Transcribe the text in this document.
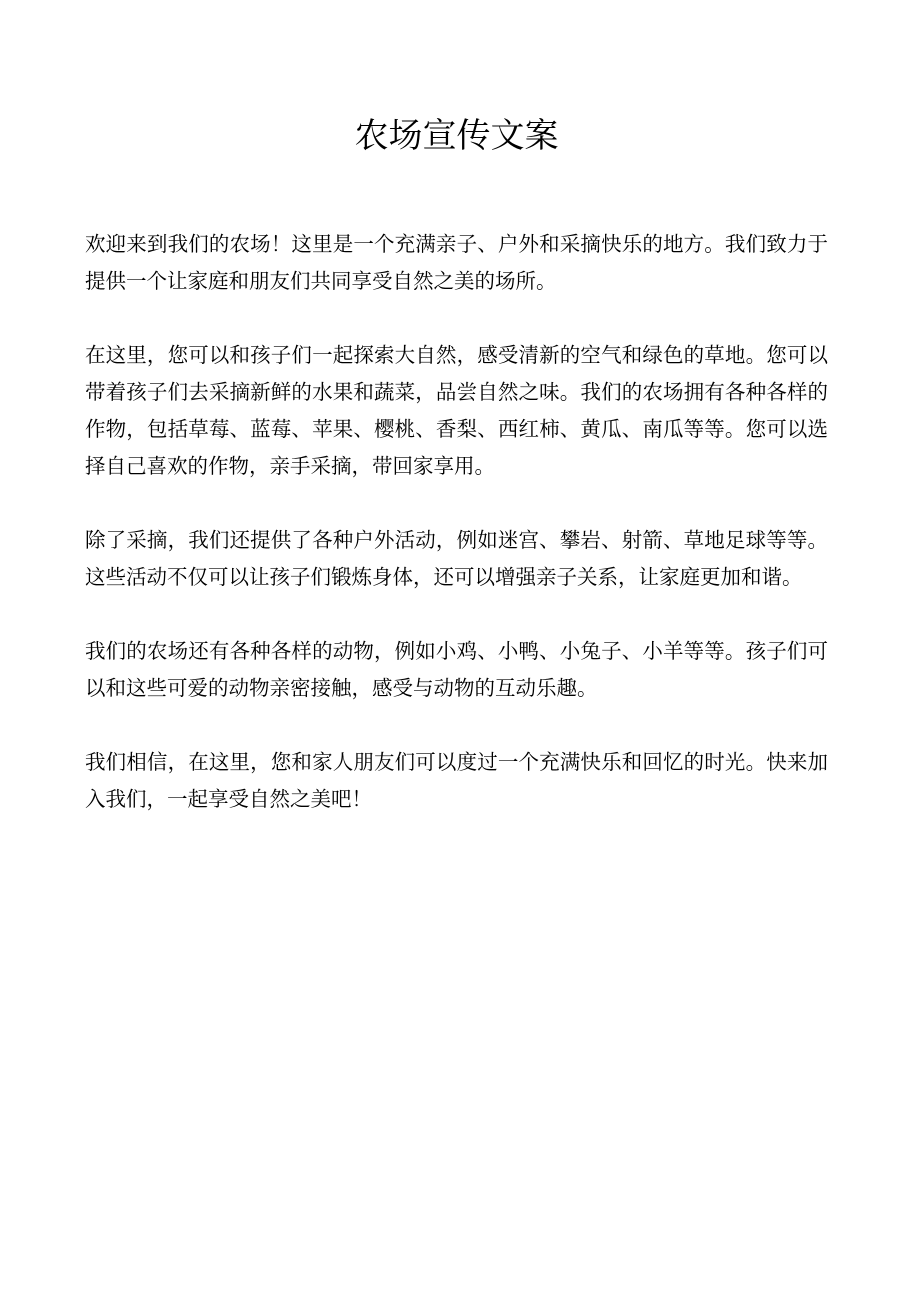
农场宣传文案

欢迎来到我们的农场！这里是一个充满亲子、户外和采摘快乐的地方。我们致力于提供一个让家庭和朋友们共同享受自然之美的场所。

在这里，您可以和孩子们一起探索大自然，感受清新的空气和绿色的草地。您可以带着孩子们去采摘新鲜的水果和蔬菜，品尝自然之味。我们的农场拥有各种各样的作物，包括草莓、蓝莓、苹果、樱桃、香梨、西红柿、黄瓜、南瓜等等。您可以选择自己喜欢的作物，亲手采摘，带回家享用。

除了采摘，我们还提供了各种户外活动，例如迷宫、攀岩、射箭、草地足球等等。这些活动不仅可以让孩子们锻炼身体，还可以增强亲子关系，让家庭更加和谐。

我们的农场还有各种各样的动物，例如小鸡、小鸭、小兔子、小羊等等。孩子们可以和这些可爱的动物亲密接触，感受与动物的互动乐趣。

我们相信，在这里，您和家人朋友们可以度过一个充满快乐和回忆的时光。快来加入我们，一起享受自然之美吧！
